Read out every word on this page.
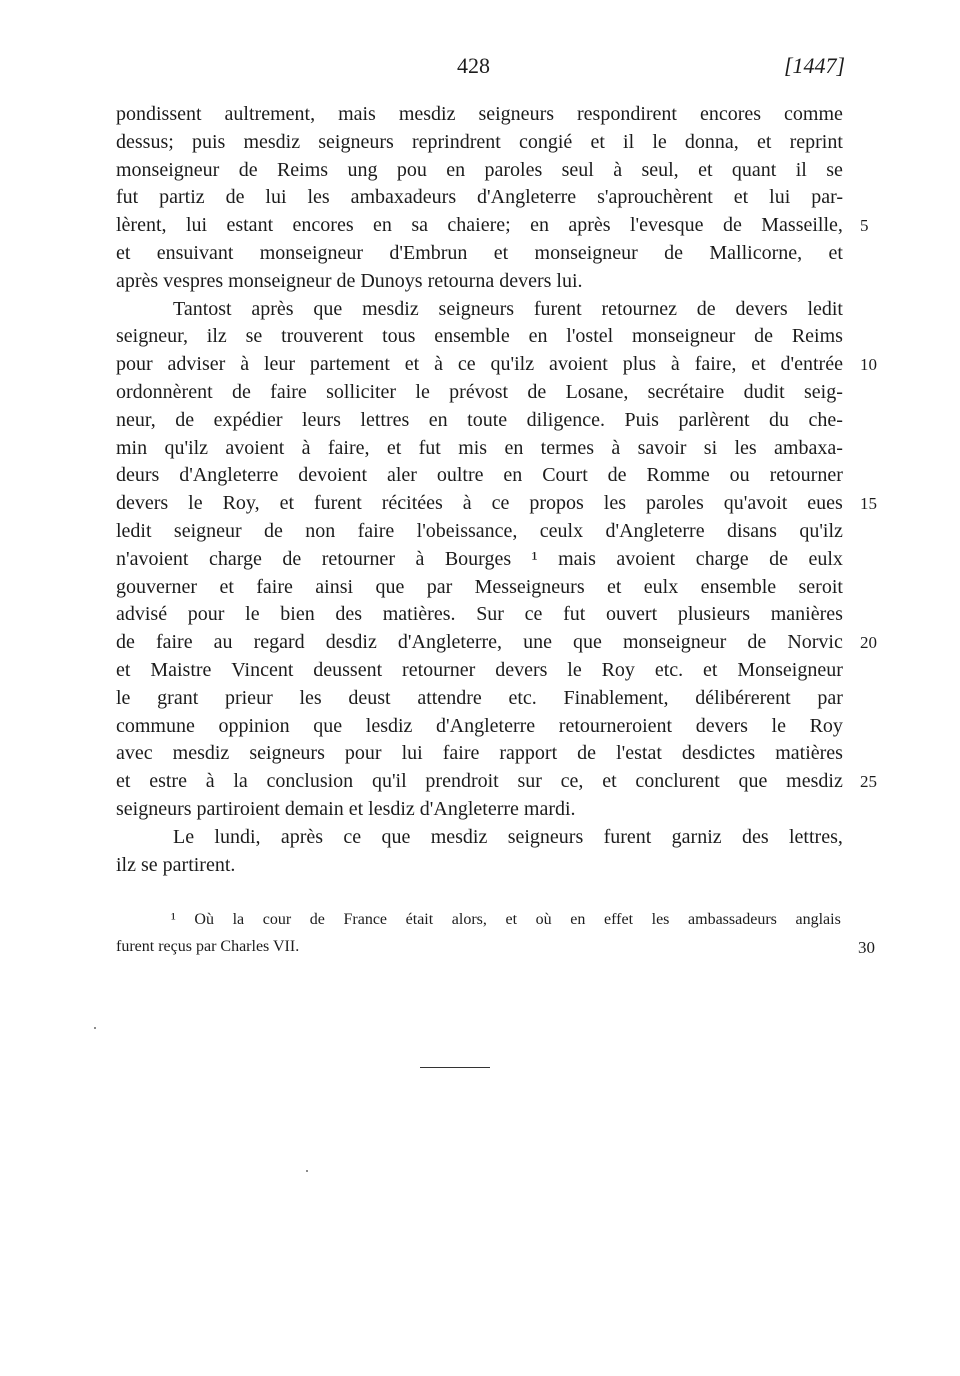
428	[1447]
pondissent aultrement, mais mesdiz seigneurs respondirent encores comme
dessus; puis mesdiz seigneurs reprindrent congié et il le donna, et reprint
monseigneur de Reims ung pou en paroles seul à seul, et quant il se
fut partiz de lui les ambaxadeurs d'Angleterre s'aprouchèrent et lui par-
lèrent, lui estant encores en sa chaiere; en après l'evesque de Masseille,
et ensuivant monseigneur d'Embrun et monseigneur de Mallicorne, et
après vespres monseigneur de Dunoys retourna devers lui.
Tantost après que mesdiz seigneurs furent retournez de devers ledit
seigneur, ilz se trouverent tous ensemble en l'ostel monseigneur de Reims
pour adviser à leur partement et à ce qu'ilz avoient plus à faire, et d'entrée
ordonnèrent de faire solliciter le prévost de Losane, secrétaire dudit seig-
neur, de expédier leurs lettres en toute diligence. Puis parlèrent du che-
min qu'ilz avoient à faire, et fut mis en termes à savoir si les ambaxa-
deurs d'Angleterre devoient aler oultre en Court de Romme ou retourner
devers le Roy, et furent récitées à ce propos les paroles qu'avoit eues
ledit seigneur de non faire l'obeissance, ceulx d'Angleterre disans qu'ilz
n'avoient charge de retourner à Bourges ¹ mais avoient charge de eulx
gouverner et faire ainsi que par Messeigneurs et eulx ensemble seroit
advisé pour le bien des matières. Sur ce fut ouvert plusieurs manières
de faire au regard desdiz d'Angleterre, une que monseigneur de Norvic
et Maistre Vincent deussent retourner devers le Roy etc. et Monseigneur
le grant prieur les deust attendre etc. Finablement, délibérerent par
commune oppinion que lesdiz d'Angleterre retourneroient devers le Roy
avec mesdiz seigneurs pour lui faire rapport de l'estat desdictes matières
et estre à la conclusion qu'il prendroit sur ce, et conclurent que mesdiz
seigneurs partiroient demain et lesdiz d'Angleterre mardi.
Le lundi, après ce que mesdiz seigneurs furent garniz des lettres,
ilz se partirent.
5
10
15
20
25
¹ Où la cour de France était alors, et où en effet les ambassadeurs anglais
furent reçus par Charles VII.	30
